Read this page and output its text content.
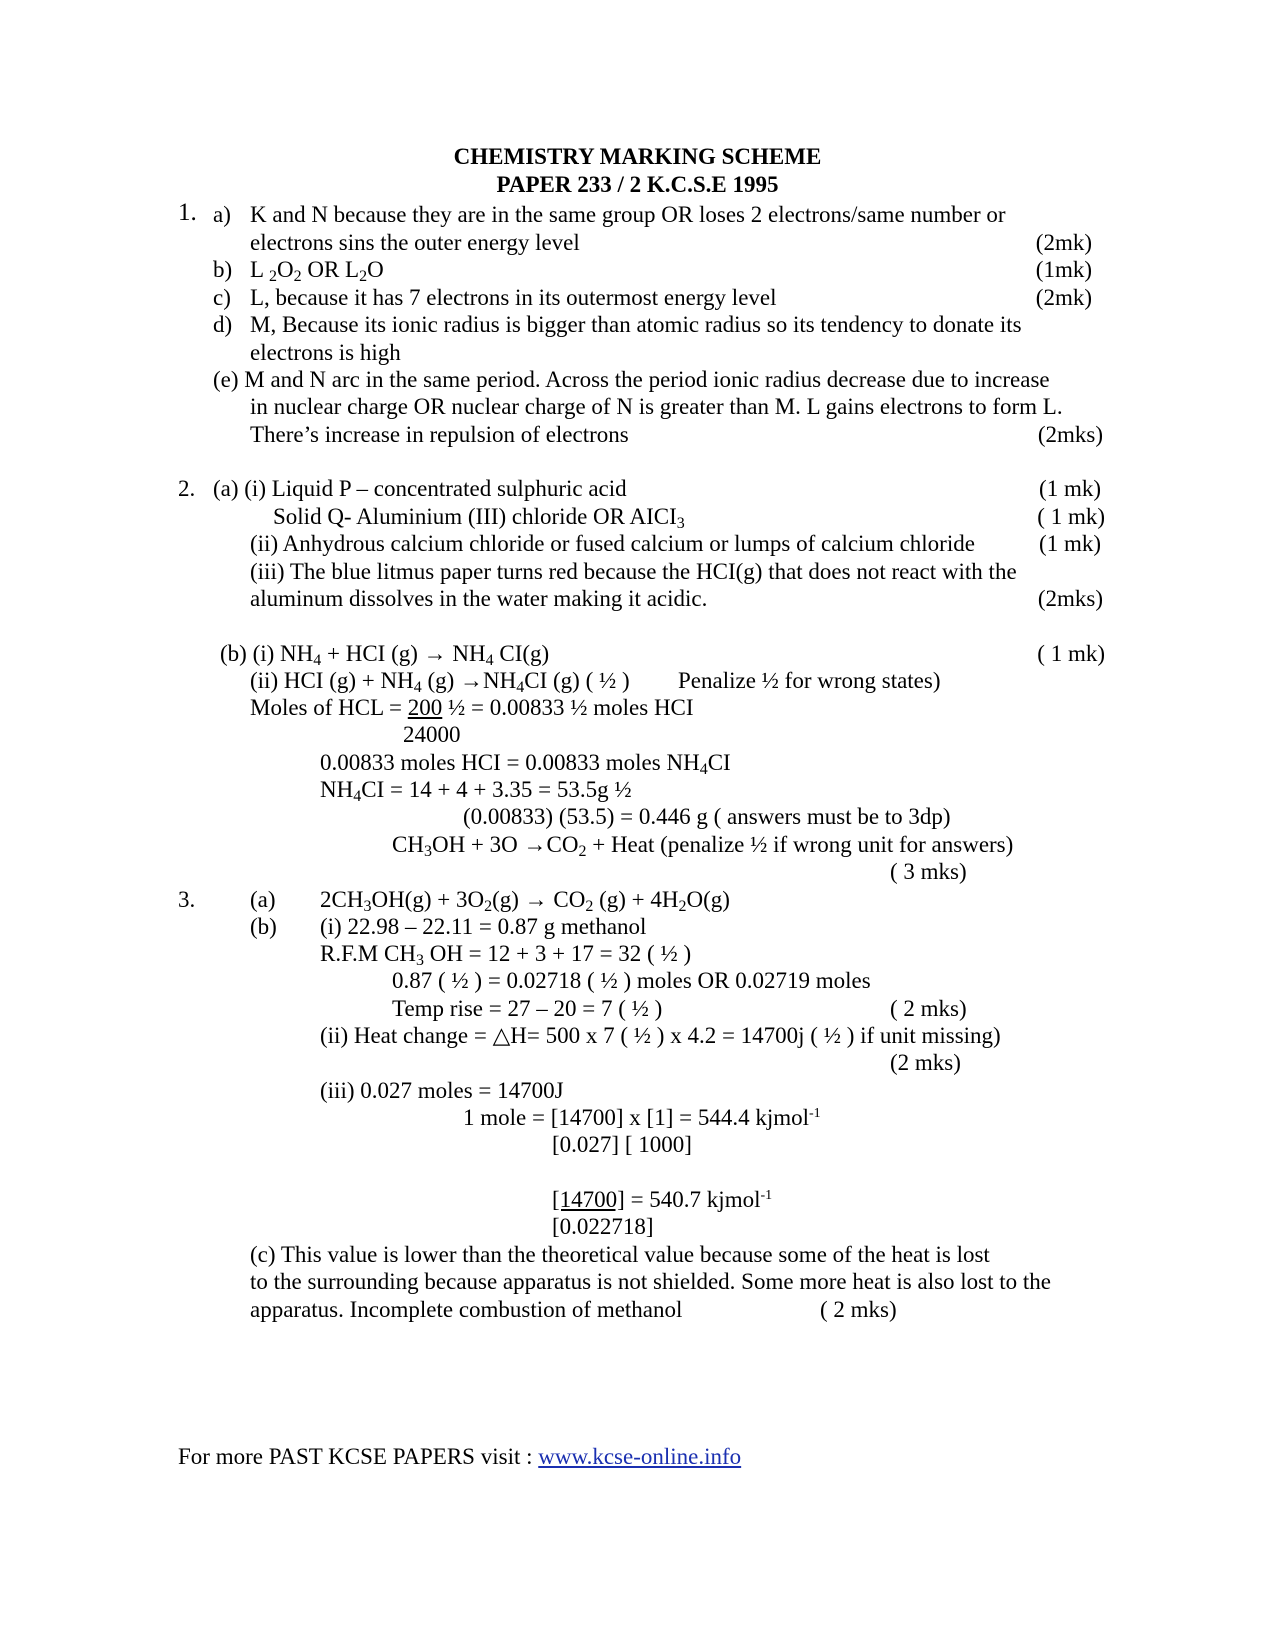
CHEMISTRY MARKING SCHEME
PAPER 233 / 2 K.C.S.E 1995
1. a) K and N because they are in the same group OR loses 2 electrons/same number or
electrons sins the outer energy level	(2mk)
b) L $_2O_2$ OR $L_2O$	(1mk)
c) L, because it has 7 electrons in its outermost energy level	(2mk)
d) M, Because its ionic radius is bigger than atomic radius so its tendency to donate its
electrons is high
(e) M and N arc in the same period. Across the period ionic radius decrease due to increase
in nuclear charge OR nuclear charge of N is greater than M. L gains electrons to form L.
There’s increase in repulsion of electrons	(2mks)
2. (a) (i) Liquid P – concentrated sulphuric acid	(1 mk)
Solid Q- Aluminium (III) chloride OR $AICI_3$	( 1 mk)
(ii) Anhydrous calcium chloride or fused calcium or lumps of calcium chloride	(1 mk)
(iii) The blue litmus paper turns red because the HCI(g) that does not react with the
aluminum dissolves in the water making it acidic.	(2mks)
(b) (i) $NH_4$ + HCI $(g) \to NH_4$ CI(g)	( 1 mk)
(ii) HCI $(g) + NH_4$ $(g) \to NH_4CI$ (g) ( ½ ) Penalize ½ for wrong states)
Moles of HCL = 200 ½ = 0.00833 ½ moles HCI
24000
0.00833 moles HCI = 0.00833 moles $NH_4CI$
$NH_4CI = 14 + 4 + 3.35 = 53.5g$ ½
(0.00833) (53.5) = 0.446 g ( answers must be to 3dp)
$CH_3OH + 3O \to CO_2$ + Heat (penalize ½ if wrong unit for answers)
( 3 mks)
3. (a) $2CH_3OH(g) + 3O_2(g) \to CO_2$ $(g) + 4H_2O(g)$
(b) (i) 22.98 – 22.11 = 0.87 g methanol
R.F.M $CH_3$ OH = 12 + 3 + 17 = 32 ( ½ )
0.87 ( ½ ) = 0.02718 ( ½ ) moles OR 0.02719 moles
Temp rise = 27 – 20 = 7 ( ½ )	( 2 mks)
(ii) Heat change = △H= 500 x 7 ( ½ ) x 4.2 = 14700j ( ½ ) if unit missing)
(2 mks)
(iii) 0.027 moles = 14700J
1 mole = [14700] x [1] = 544.4 kjmol$^{-1}$
[0.027] [ 1000]
[14700] = 540.7 kjmol$^{-1}$
[0.022718]
(c) This value is lower than the theoretical value because some of the heat is lost
to the surrounding because apparatus is not shielded. Some more heat is also lost to the
apparatus. Incomplete combustion of methanol	( 2 mks)
For more PAST KCSE PAPERS visit : www.kcse-online.info
